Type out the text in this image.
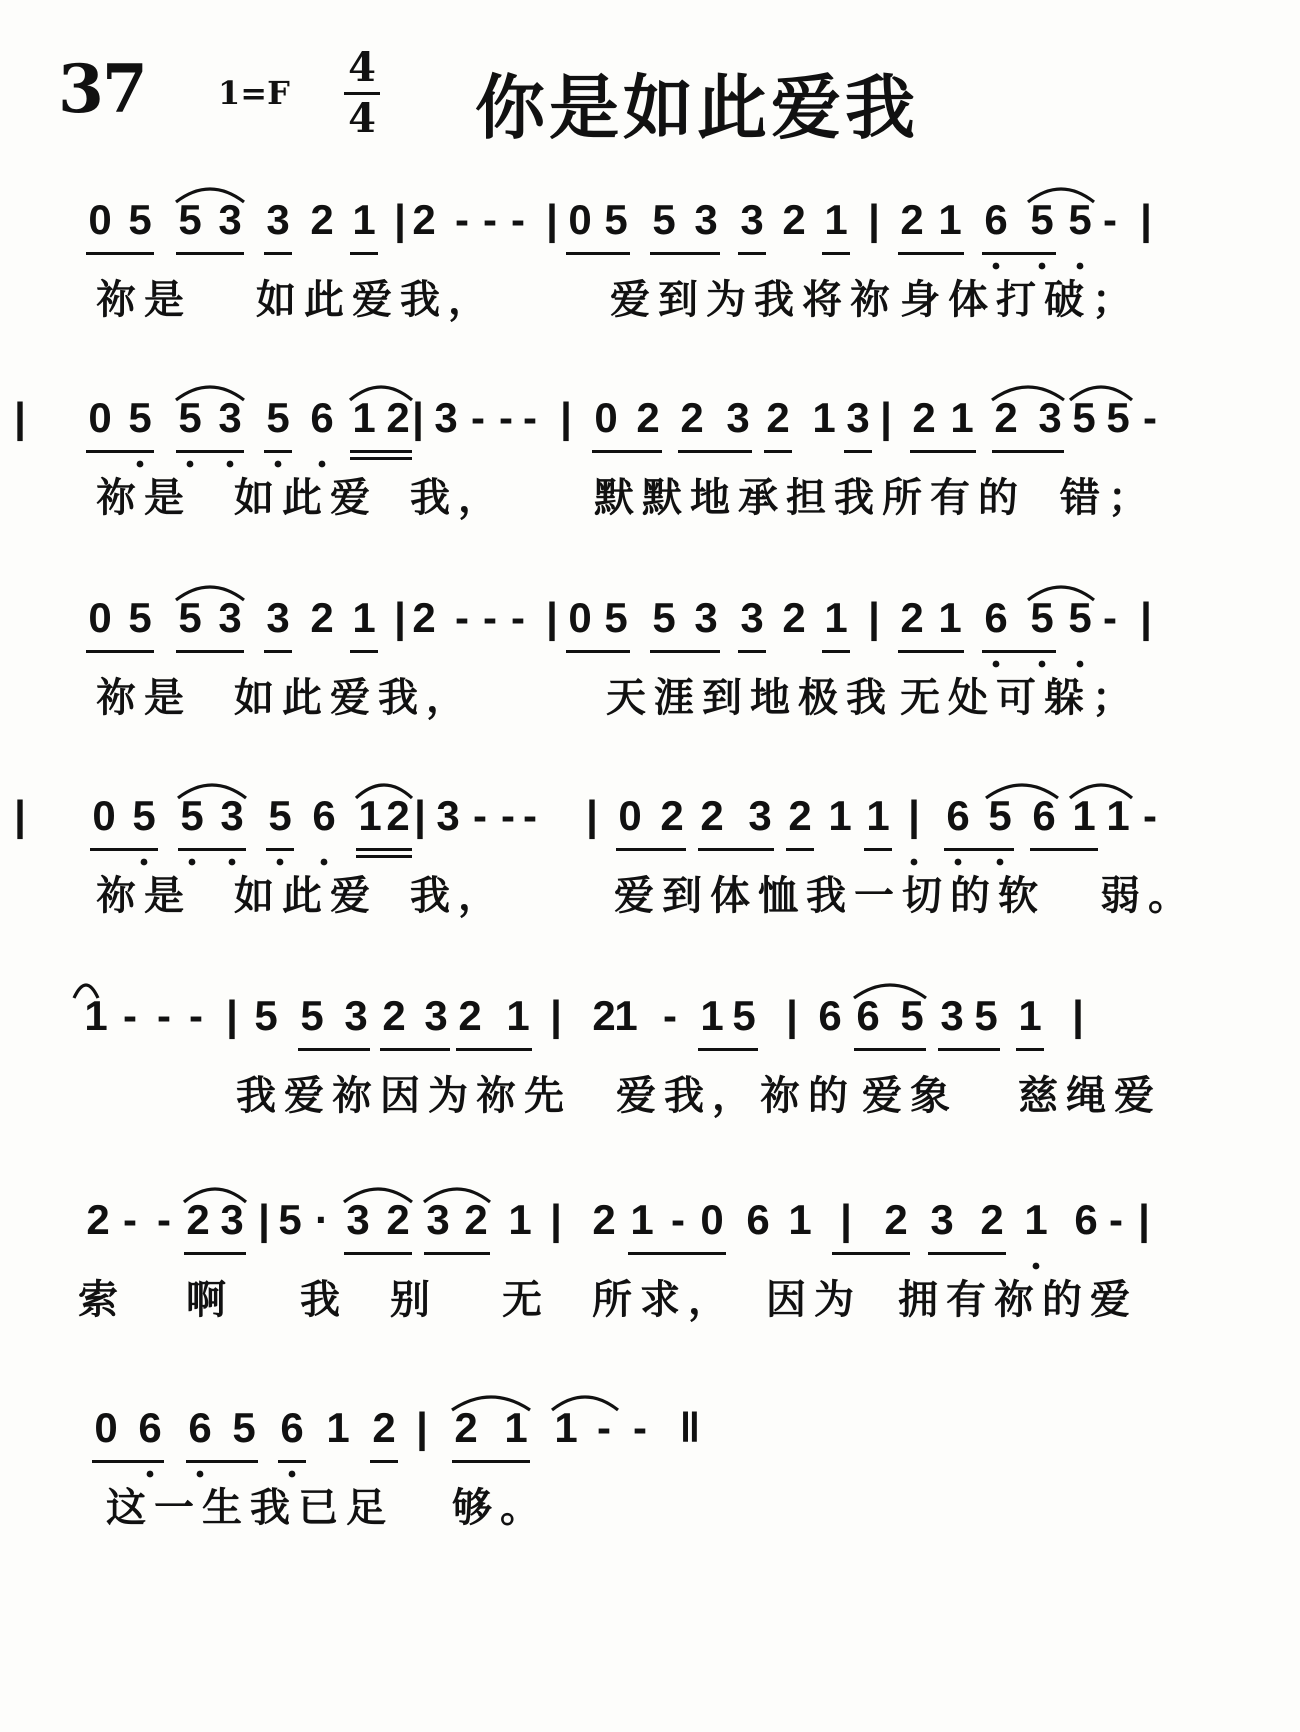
37 1=F
4
4 你是如此爱我
0 5 5 3 3 2 1 | 2 - - - | 0 5 5 3 3 2 1 | 2 1 6 5 5 - |
祢 是 如 此 爱 我 ，	爱 到 为 我 将 祢 身 体 打 破 ；
0 5 5 3 5 6 1 2 | 3 - - - | 0 2 2 3 2 1 3 | 2 1 2 3 5 5 -
|
祢 是 如 此 爱 我 ， 默 默 地 承 担 我 所 有 的 错 ；
0 5 5 3 3 2 1 | 2 - - - | 0 5 5 3 3 2 1 | 2 1 6 5 5 - |
祢 是 如 此 爱 我 ，	天 涯 到 地 极 我 无 处 可 躲 ；
0 5 5 3 5 6 1 2 | 3 - - -	| 0 2 2 3 2 1 1 | 6 5 6 1 1 -
|
祢 是 如 此 爱 我 ，	爱 到 体 恤 我 一 切 的 软 弱 。
1 - - - | 5 5 3 2 3 2 1 | 2
1 - 1 5 | 6 6 5 3 5 1 |
我 爱 祢 因 为 祢 先 爱 我 ， 祢 的 爱 象 慈 绳 爱
2 - - 2 3 | 5 · 3 2 3 2 1 | 2 1 - 0 6 1 | 2 3 2 1 6 - |
索 啊 我 别 无 所 求 ， 因 为 拥 有 祢 的 爱
0 6 6 5 6 1 2 | 2 1 1 - - ‖
这 一 生 我 已 足 够 。
